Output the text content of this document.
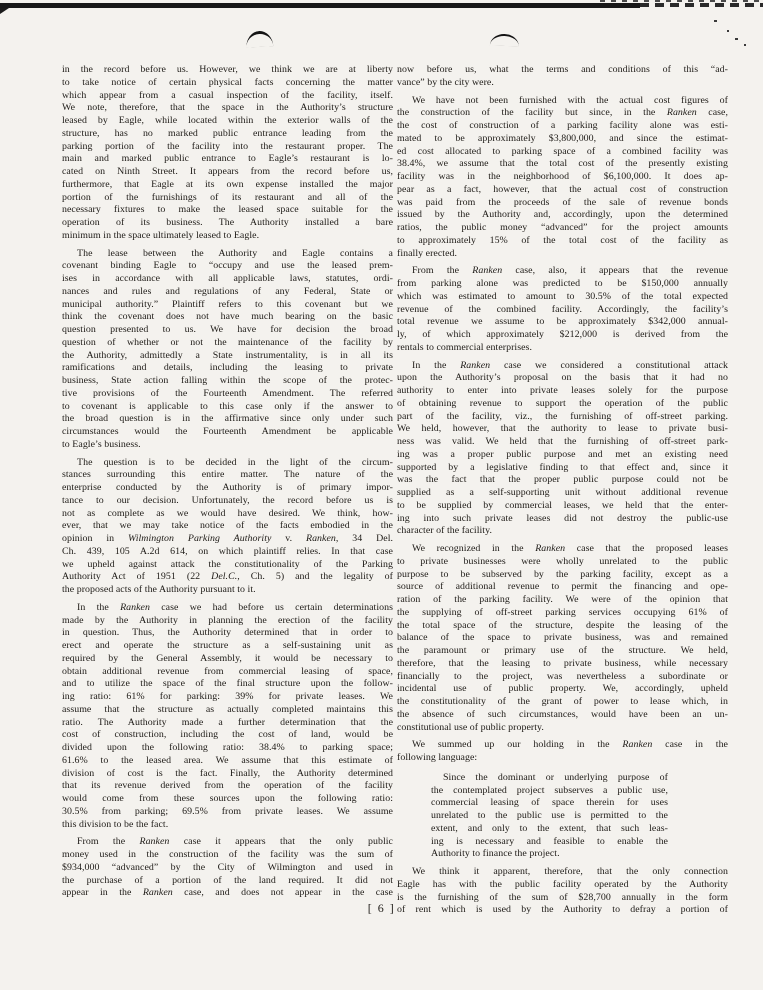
in the record before us. However, we think we are at liberty
to take notice of certain physical facts concerning the matter
which appear from a casual inspection of the facility, itself.
We note, therefore, that the space in the Authority’s structure
leased by Eagle, while located within the exterior walls of the
structure, has no marked public entrance leading from the
parking portion of the facility into the restaurant proper. The
main and marked public entrance to Eagle’s restaurant is lo-
cated on Ninth Street. It appears from the record before us,
furthermore, that Eagle at its own expense installed the major
portion of the furnishings of its restaurant and all of the
necessary fixtures to make the leased space suitable for the
operation of its business. The Authority installed a bare
minimum in the space ultimately leased to Eagle.
The lease between the Authority and Eagle contains a
covenant binding Eagle to “occupy and use the leased prem-
ises in accordance with all applicable laws, statutes, ordi-
nances and rules and regulations of any Federal, State or
municipal authority.” Plaintiff refers to this covenant but we
think the covenant does not have much bearing on the basic
question presented to us. We have for decision the broad
question of whether or not the maintenance of the facility by
the Authority, admittedly a State instrumentality, is in all its
ramifications and details, including the leasing to private
business, State action falling within the scope of the protec-
tive provisions of the Fourteenth Amendment. The referred
to covenant is applicable to this case only if the answer to
the broad question is in the affirmative since only under such
circumstances would the Fourteenth Amendment be applicable
to Eagle’s business.
The question is to be decided in the light of the circum-
stances surrounding this entire matter. The nature of the
enterprise conducted by the Authority is of primary impor-
tance to our decision. Unfortunately, the record before us is
not as complete as we would have desired. We think, how-
ever, that we may take notice of the facts embodied in the
opinion in Wilmington Parking Authority v. Ranken, 34 Del.
Ch. 439, 105 A.2d 614, on which plaintiff relies. In that case
we upheld against attack the constitutionality of the Parking
Authority Act of 1951 (22 Del.C., Ch. 5) and the legality of
the proposed acts of the Authority pursuant to it.
In the Ranken case we had before us certain determinations
made by the Authority in planning the erection of the facility
in question. Thus, the Authority determined that in order to
erect and operate the structure as a self-sustaining unit as
required by the General Assembly, it would be necessary to
obtain additional revenue from commercial leasing of space,
and to utilize the space of the final structure upon the follow-
ing ratio: 61% for parking: 39% for private leases. We
assume that the structure as actually completed maintains this
ratio. The Authority made a further determination that the
cost of construction, including the cost of land, would be
divided upon the following ratio: 38.4% to parking space;
61.6% to the leased area. We assume that this estimate of
division of cost is the fact. Finally, the Authority determined
that its revenue derived from the operation of the facility
would come from these sources upon the following ratio:
30.5% from parking; 69.5% from private leases. We assume
this division to be the fact.
From the Ranken case it appears that the only public
money used in the construction of the facility was the sum of
$934,000 “advanced” by the City of Wilmington and used in
the purchase of a portion of the land required. It did not
appear in the Ranken case, and does not appear in the case
now before us, what the terms and conditions of this “ad-
vance” by the city were.
We have not been furnished with the actual cost figures of
the construction of the facility but since, in the Ranken case,
the cost of construction of a parking facility alone was esti-
mated to be approximately $3,800,000, and since the estimat-
ed cost allocated to parking space of a combined facility was
38.4%, we assume that the total cost of the presently existing
facility was in the neighborhood of $6,100,000. It does ap-
pear as a fact, however, that the actual cost of construction
was paid from the proceeds of the sale of revenue bonds
issued by the Authority and, accordingly, upon the determined
ratios, the public money “advanced” for the project amounts
to approximately 15% of the total cost of the facility as
finally erected.
From the Ranken case, also, it appears that the revenue
from parking alone was predicted to be $150,000 annually
which was estimated to amount to 30.5% of the total expected
revenue of the combined facility. Accordingly, the facility’s
total revenue we assume to be approximately $342,000 annual-
ly, of which approximately $212,000 is derived from the
rentals to commercial enterprises.
In the Ranken case we considered a constitutional attack
upon the Authority’s proposal on the basis that it had no
authority to enter into private leases solely for the purpose
of obtaining revenue to support the operation of the public
part of the facility, viz., the furnishing of off-street parking.
We held, however, that the authority to lease to private busi-
ness was valid. We held that the furnishing of off-street park-
ing was a proper public purpose and met an existing need
supported by a legislative finding to that effect and, since it
was the fact that the proper public purpose could not be
supplied as a self-supporting unit without additional revenue
to be supplied by commercial leases, we held that the enter-
ing into such private leases did not destroy the public-use
character of the facility.
We recognized in the Ranken case that the proposed leases
to private businesses were wholly unrelated to the public
purpose to be subserved by the parking facility, except as a
source of additional revenue to permit the financing and ope-
ration of the parking facility. We were of the opinion that
the supplying of off-street parking services occupying 61% of
the total space of the structure, despite the leasing of the
balance of the space to private business, was and remained
the paramount or primary use of the structure. We held,
therefore, that the leasing to private business, while necessary
financially to the project, was nevertheless a subordinate or
incidental use of public property. We, accordingly, upheld
the constitutionality of the grant of power to lease which, in
the absence of such circumstances, would have been an un-
constitutional use of public property.
We summed up our holding in the Ranken case in the
following language:
Since the dominant or underlying purpose of
the contemplated project subserves a public use,
commercial leasing of space therein for uses
unrelated to the public use is permitted to the
extent, and only to the extent, that such leas-
ing is necessary and feasible to enable the
Authority to finance the project.
We think it apparent, therefore, that the only connection
Eagle has with the public facility operated by the Authority
is the furnishing of the sum of $28,700 annually in the form
of rent which is used by the Authority to defray a portion of
[ 6 ]
